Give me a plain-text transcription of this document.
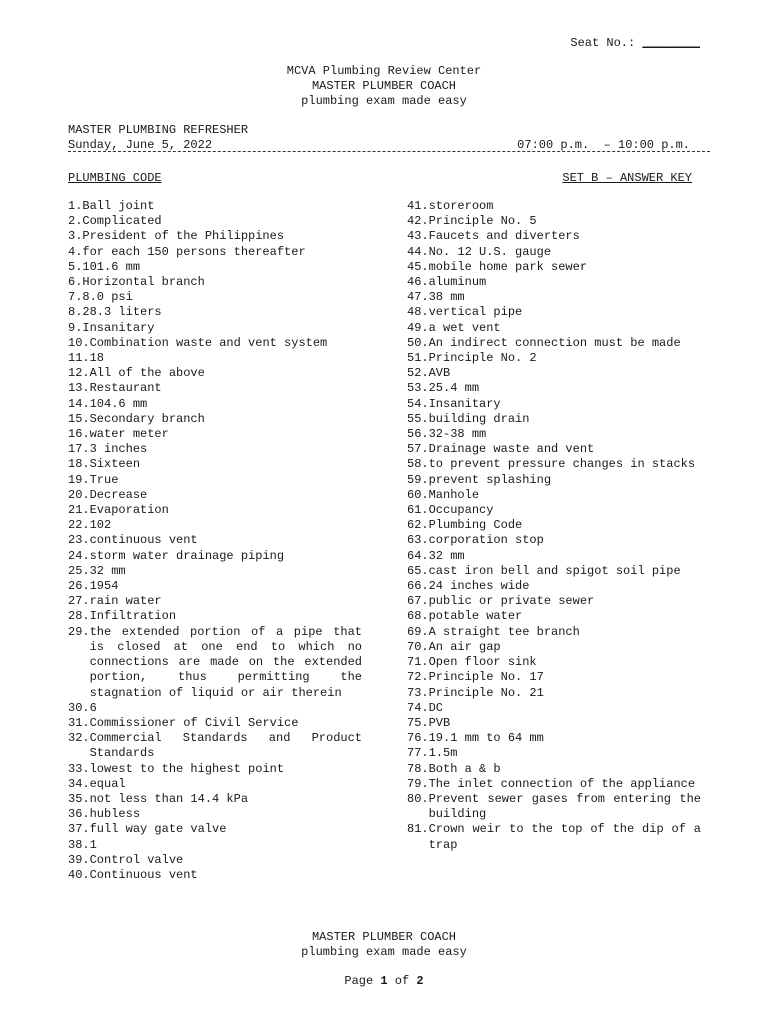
Seat No.: ________
MCVA Plumbing Review Center
MASTER PLUMBER COACH
plumbing exam made easy
MASTER PLUMBING REFRESHER
Sunday, June 5, 2022	07:00 p.m.  – 10:00 p.m.
PLUMBING CODE	SET B – ANSWER KEY
1. Ball joint
2. Complicated
3. President of the Philippines
4. for each 150 persons thereafter
5. 101.6 mm
6. Horizontal branch
7. 8.0 psi
8. 28.3 liters
9. Insanitary
10. Combination waste and vent system
11. 18
12. All of the above
13. Restaurant
14. 104.6 mm
15. Secondary branch
16. water meter
17. 3 inches
18. Sixteen
19. True
20. Decrease
21. Evaporation
22. 102
23. continuous vent
24. storm water drainage piping
25. 32 mm
26. 1954
27. rain water
28. Infiltration
29. the extended portion of a pipe that is closed at one end to which no connections are made on the extended portion, thus permitting the stagnation of liquid or air therein
30. 6
31. Commissioner of Civil Service
32. Commercial Standards and Product Standards
33. lowest to the highest point
34. equal
35. not less than 14.4 kPa
36. hubless
37. full way gate valve
38. 1
39. Control valve
40. Continuous vent
41. storeroom
42. Principle No. 5
43. Faucets and diverters
44. No. 12 U.S. gauge
45. mobile home park sewer
46. aluminum
47. 38 mm
48. vertical pipe
49. a wet vent
50. An indirect connection must be made
51. Principle No. 2
52. AVB
53. 25.4 mm
54. Insanitary
55. building drain
56. 32-38 mm
57. Drainage waste and vent
58. to prevent pressure changes in stacks
59. prevent splashing
60. Manhole
61. Occupancy
62. Plumbing Code
63. corporation stop
64. 32 mm
65. cast iron bell and spigot soil pipe
66. 24 inches wide
67. public or private sewer
68. potable water
69. A straight tee branch
70. An air gap
71. Open floor sink
72. Principle No. 17
73. Principle No. 21
74. DC
75. PVB
76. 19.1 mm to 64 mm
77. 1.5m
78. Both a & b
79. The inlet connection of the appliance
80. Prevent sewer gases from entering the building
81. Crown weir to the top of the dip of a trap
MASTER PLUMBER COACH
plumbing exam made easy
Page 1 of 2
